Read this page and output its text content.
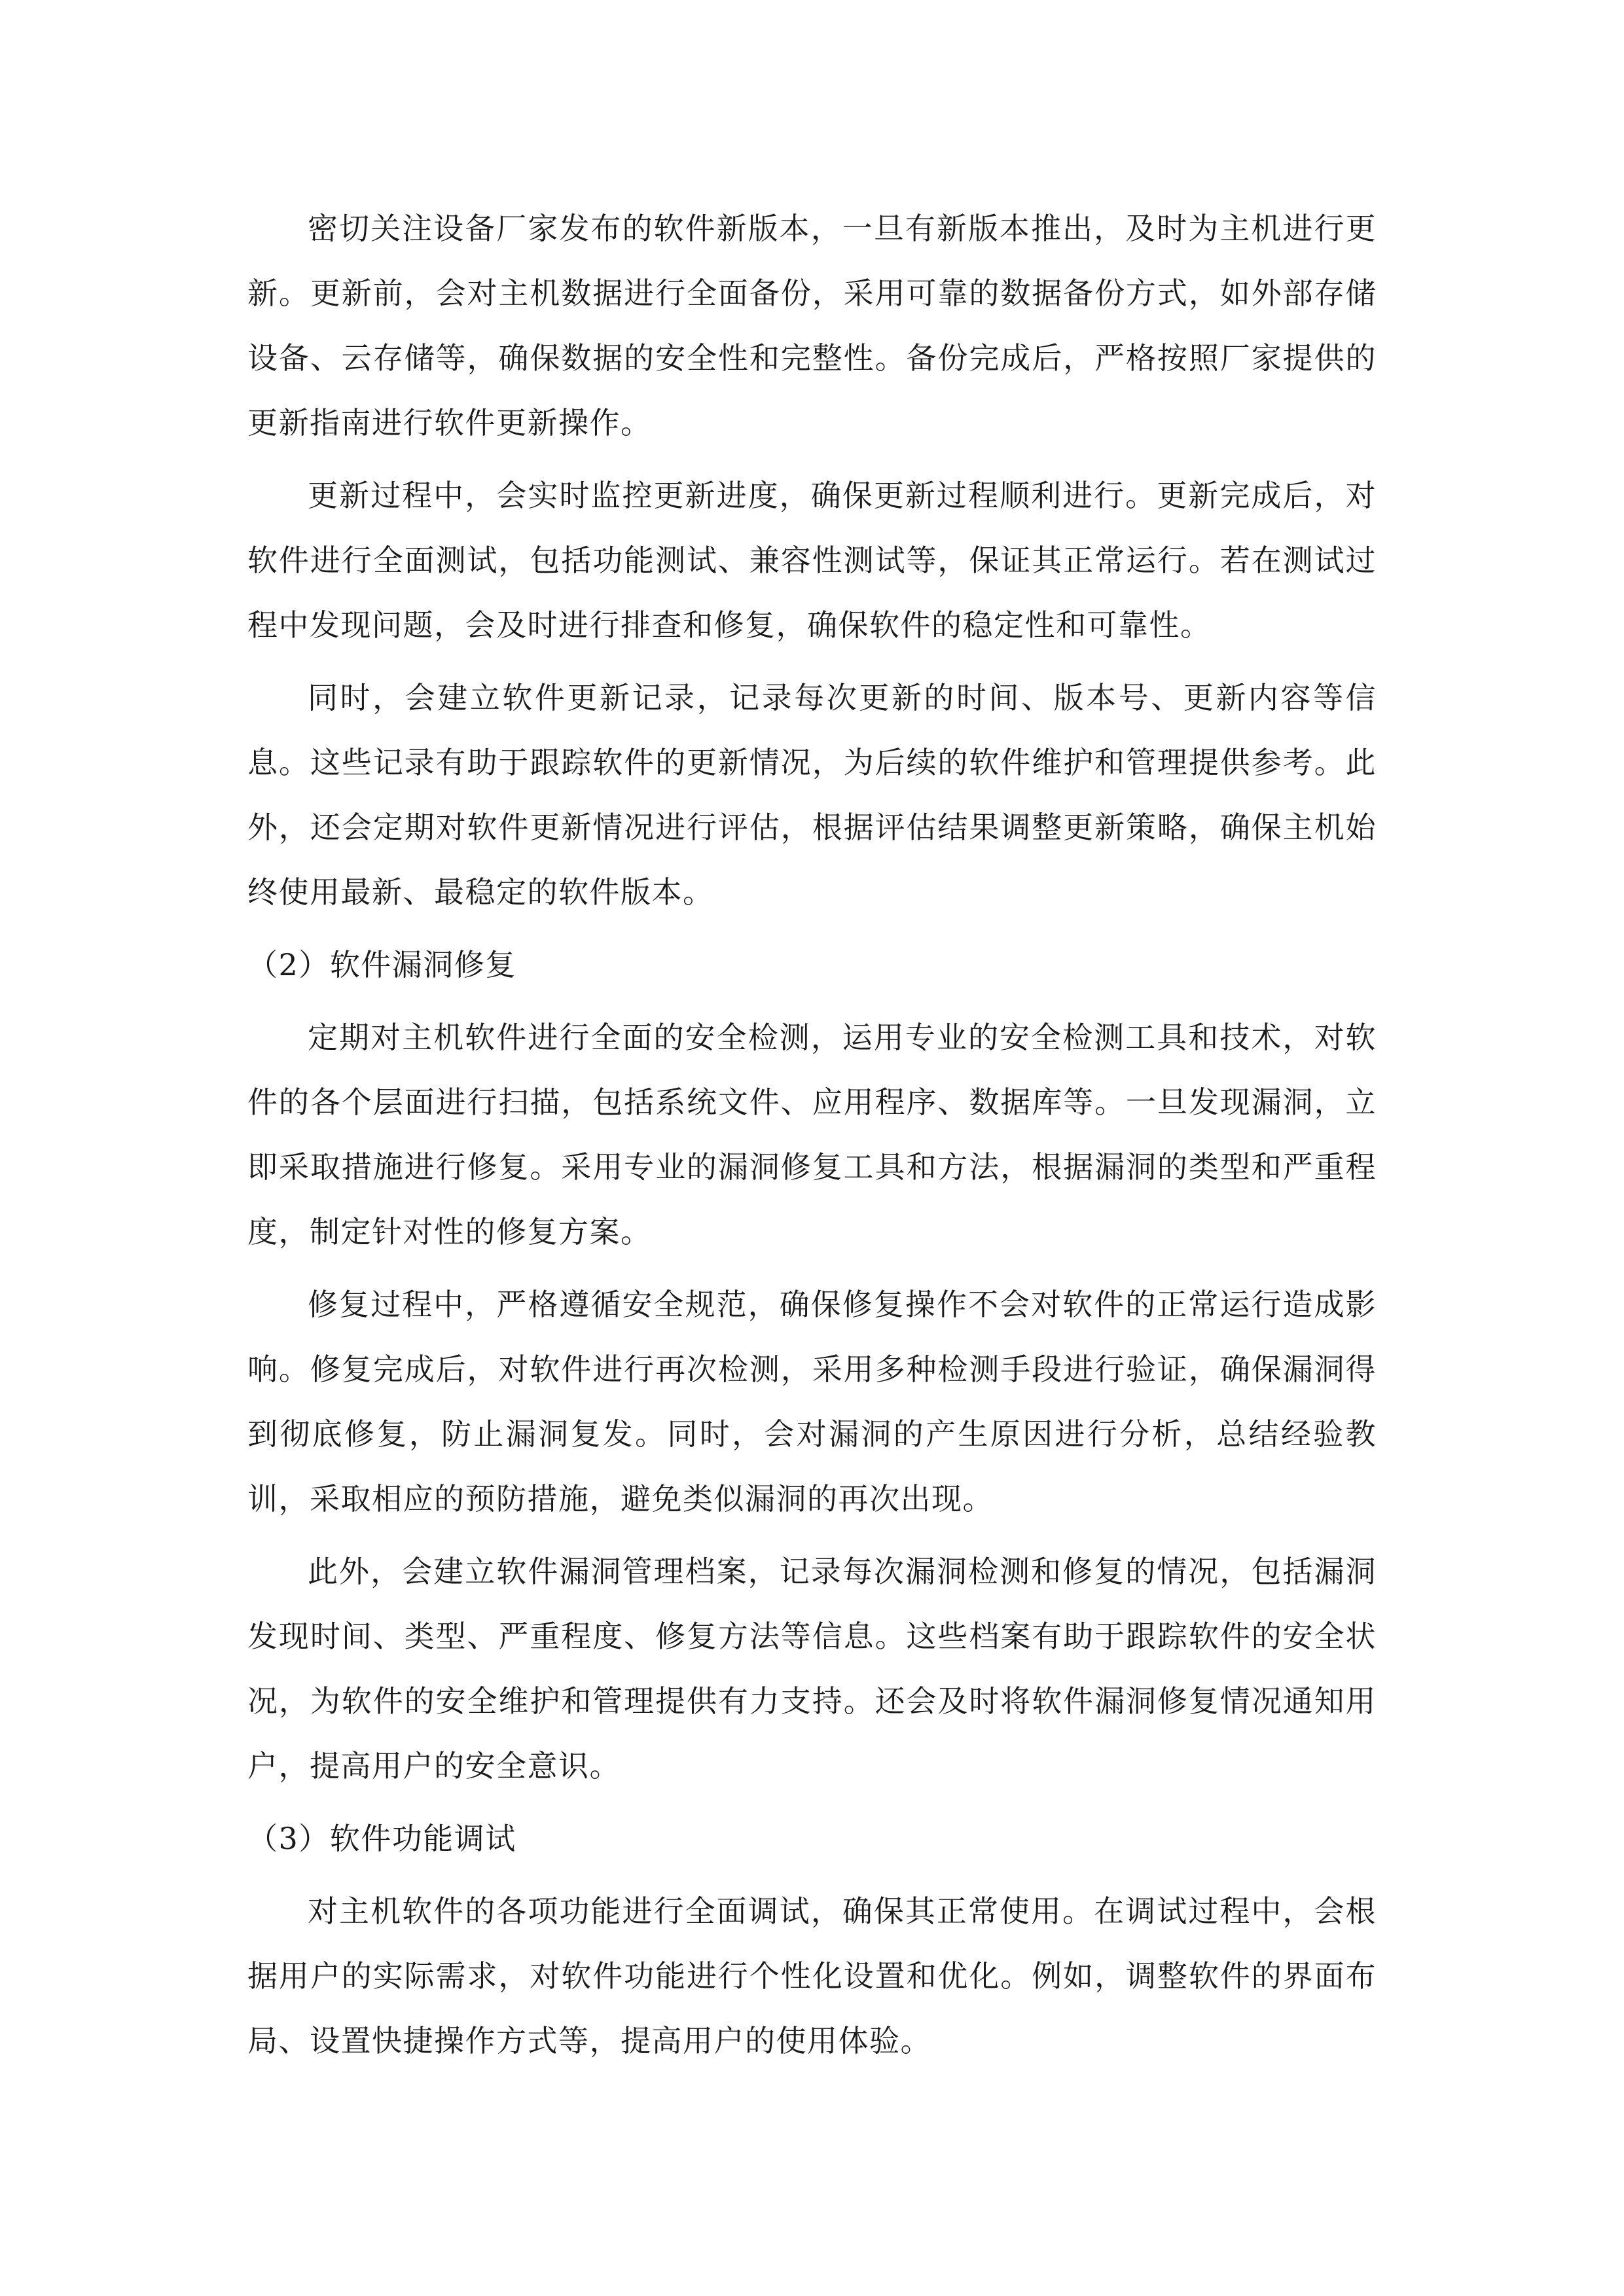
密切关注设备厂家发布的软件新版本，一旦有新版本推出，及时为主机进行更新。更新前，会对主机数据进行全面备份，采用可靠的数据备份方式，如外部存储设备、云存储等，确保数据的安全性和完整性。备份完成后，严格按照厂家提供的更新指南进行软件更新操作。

更新过程中，会实时监控更新进度，确保更新过程顺利进行。更新完成后，对软件进行全面测试，包括功能测试、兼容性测试等，保证其正常运行。若在测试过程中发现问题，会及时进行排查和修复，确保软件的稳定性和可靠性。

同时，会建立软件更新记录，记录每次更新的时间、版本号、更新内容等信息。这些记录有助于跟踪软件的更新情况，为后续的软件维护和管理提供参考。此外，还会定期对软件更新情况进行评估，根据评估结果调整更新策略，确保主机始终使用最新、最稳定的软件版本。

（2）软件漏洞修复

定期对主机软件进行全面的安全检测，运用专业的安全检测工具和技术，对软件的各个层面进行扫描，包括系统文件、应用程序、数据库等。一旦发现漏洞，立即采取措施进行修复。采用专业的漏洞修复工具和方法，根据漏洞的类型和严重程度，制定针对性的修复方案。

修复过程中，严格遵循安全规范，确保修复操作不会对软件的正常运行造成影响。修复完成后，对软件进行再次检测，采用多种检测手段进行验证，确保漏洞得到彻底修复，防止漏洞复发。同时，会对漏洞的产生原因进行分析，总结经验教训，采取相应的预防措施，避免类似漏洞的再次出现。

此外，会建立软件漏洞管理档案，记录每次漏洞检测和修复的情况，包括漏洞发现时间、类型、严重程度、修复方法等信息。这些档案有助于跟踪软件的安全状况，为软件的安全维护和管理提供有力支持。还会及时将软件漏洞修复情况通知用户，提高用户的安全意识。

（3）软件功能调试

对主机软件的各项功能进行全面调试，确保其正常使用。在调试过程中，会根据用户的实际需求，对软件功能进行个性化设置和优化。例如，调整软件的界面布局、设置快捷操作方式等，提高用户的使用体验。
